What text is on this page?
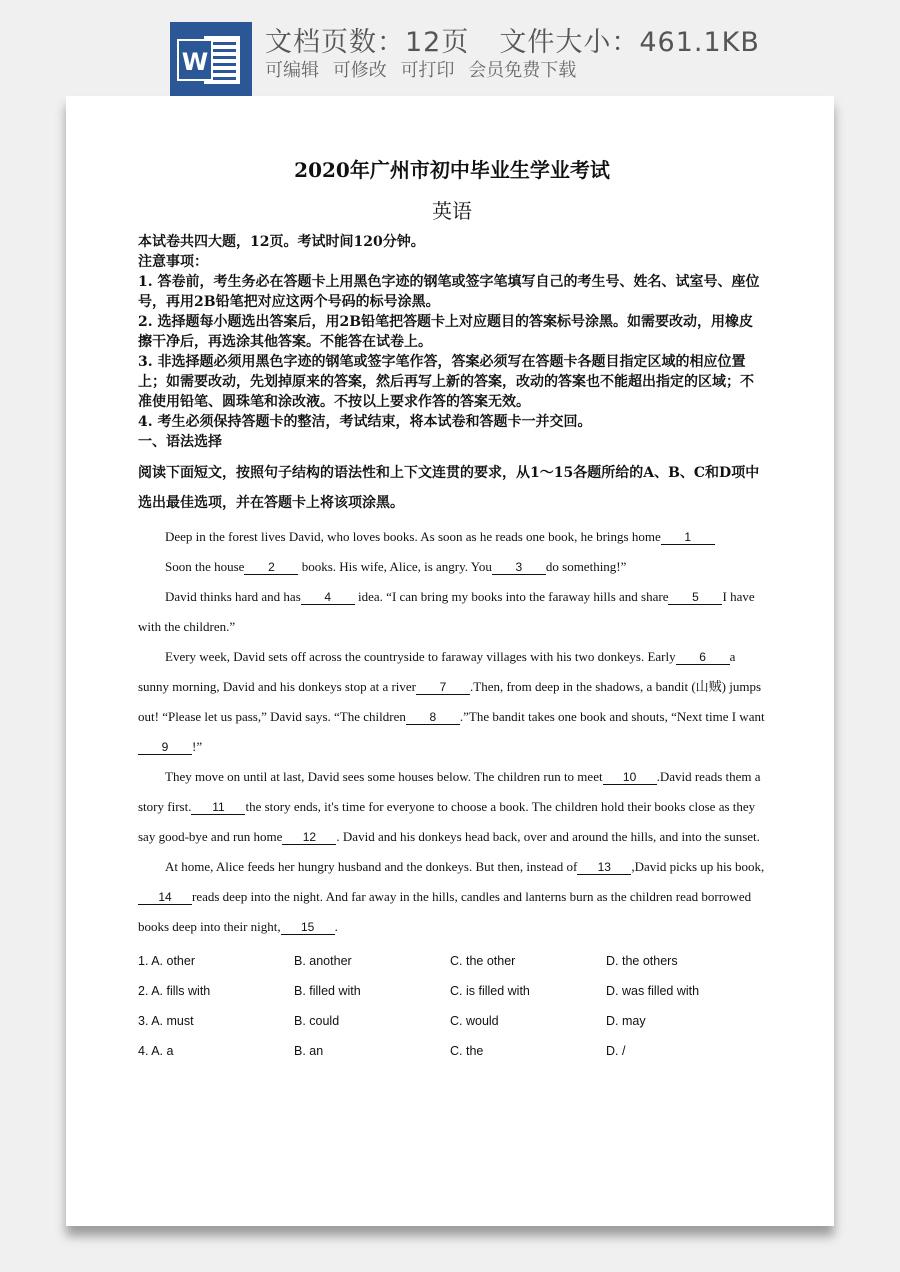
W
文档页数：12页 文件大小：461.1KB
可编辑 可修改 可打印 会员免费下载
2020年广州市初中毕业生学业考试
英语
本试卷共四大题，12页。考试时间120分钟。
注意事项：
1. 答卷前，考生务必在答题卡上用黑色字迹的钢笔或签字笔填写自己的考生号、姓名、试室号、座位号，再用2B铅笔把对应这两个号码的标号涂黑。
2. 选择题每小题选出答案后，用2B铅笔把答题卡上对应题目的答案标号涂黑。如需要改动，用橡皮擦干净后，再选涂其他答案。不能答在试卷上。
3. 非选择题必须用黑色字迹的钢笔或签字笔作答，答案必须写在答题卡各题目指定区域的相应位置上；如需要改动，先划掉原来的答案，然后再写上新的答案，改动的答案也不能超出指定的区域；不准使用铅笔、圆珠笔和涂改液。不按以上要求作答的答案无效。
4. 考生必须保持答题卡的整洁，考试结束，将本试卷和答题卡一并交回。
一、语法选择
阅读下面短文，按照句子结构的语法性和上下文连贯的要求，从1～15各题所给的A、B、C和D项中选出最佳选项，并在答题卡上将该项涂黑。

Deep in the forest lives David, who loves books. As soon as he reads one book, he brings home 1

Soon the house 2 books. His wife, Alice, is angry. You 3 do something!”

David thinks hard and has 4 idea. “I can bring my books into the faraway hills and share 5 I have with the children.”

Every week, David sets off across the countryside to faraway villages with his two donkeys. Early 6 a sunny morning, David and his donkeys stop at a river 7 .Then, from deep in the shadows, a bandit (山贼) jumps out! “Please let us pass,” David says. “The children 8 .”The bandit takes one book and shouts, “Next time I want9 !”

They move on until at last, David sees some houses below. The children run to meet 10 .David reads them a story first. 11 the story ends, it's time for everyone to choose a book. The children hold their books close as they say good-bye and run home 12 . David and his donkeys head back, over and around the hills, and into the sunset.

At home, Alice feeds her hungry husband and the donkeys. But then, instead of 13 ,David picks up his book,14 reads deep into the night. And far away in the hills, candles and lanterns burn as the children read borrowed books deep into their night, 15 .

1. A. other	B. another	C. the other	D. the others
2. A. fills with	B. filled with	C. is filled with	D. was filled with
3. A. must	B. could	C. would	D. may
4. A. a	B. an	C. the	D. /
